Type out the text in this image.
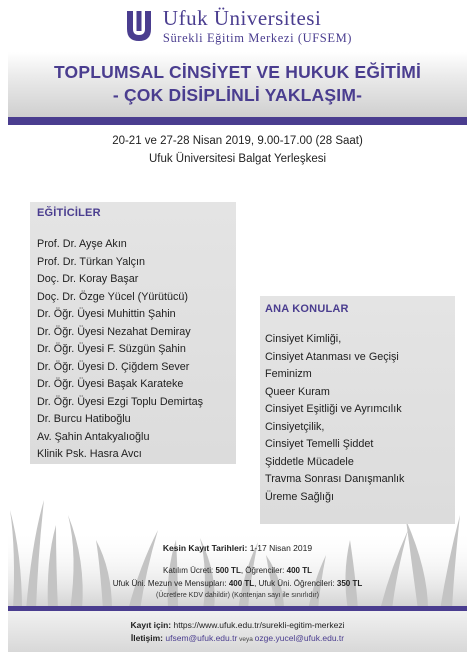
Ufuk Üniversitesi
Sürekli Eğitim Merkezi (UFSEM)
TOPLUMSAL CİNSİYET VE HUKUK EĞİTİMİ
- ÇOK DİSİPLİNLİ YAKLAŞIM-
20-21 ve 27-28 Nisan 2019, 9.00-17.00 (28 Saat)
Ufuk Üniversitesi Balgat Yerleşkesi
EĞİTİCİLER
Prof. Dr. Ayşe Akın
Prof. Dr. Türkan Yalçın
Doç. Dr. Koray Başar
Doç. Dr. Özge Yücel (Yürütücü)
Dr. Öğr. Üyesi Muhittin Şahin
Dr. Öğr. Üyesi Nezahat Demiray
Dr. Öğr. Üyesi F. Süzgün Şahin
Dr. Öğr. Üyesi D. Çiğdem Sever
Dr. Öğr. Üyesi Başak Karateke
Dr. Öğr. Üyesi Ezgi Toplu Demirtaş
Dr. Burcu Hatiboğlu
Av. Şahin Antakyalıoğlu
Klinik Psk. Hasra Avcı
ANA KONULAR
Cinsiyet Kimliği,
Cinsiyet Atanması ve Geçişi
Feminizm
Queer Kuram
Cinsiyet Eşitliği ve Ayrımcılık
Cinsiyetçilik,
Cinsiyet Temelli Şiddet
Şiddetle Mücadele
Travma Sonrası Danışmanlık
Üreme Sağlığı
Kesin Kayıt Tarihleri: 1-17 Nisan 2019
Katılım Ücreti: 500 TL, Öğrenciler: 400 TL
Ufuk Üni. Mezun ve Mensupları: 400 TL, Ufuk Üni. Öğrencileri: 350 TL
(Ücretlere KDV dahildir) (Kontenjan sayı ile sınırlıdır)
Kayıt için: https://www.ufuk.edu.tr/surekli-egitim-merkezi
İletişim: ufsem@ufuk.edu.tr veya ozge.yucel@ufuk.edu.tr
